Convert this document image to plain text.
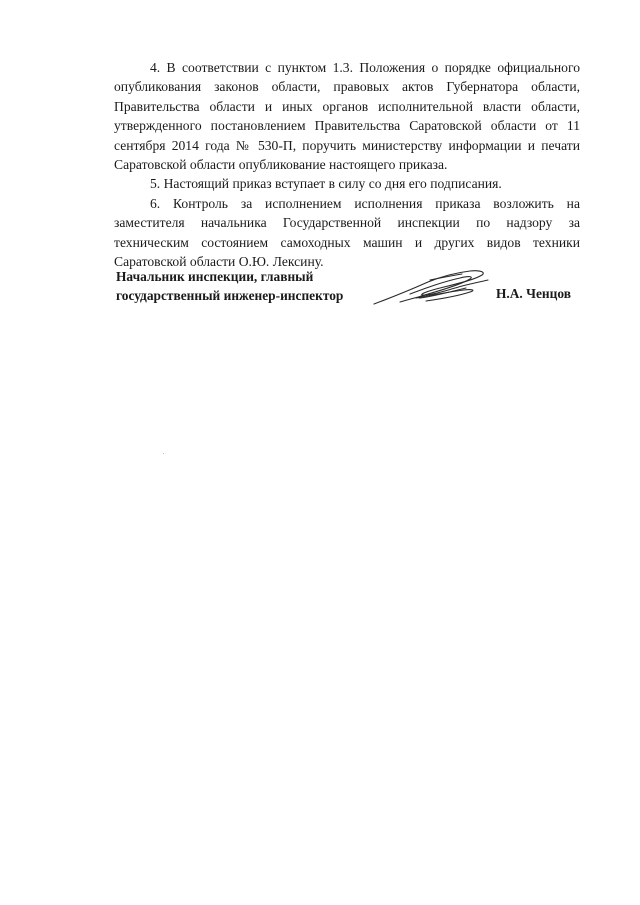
4. В соответствии с пунктом 1.3. Положения о порядке официального опубликования законов области, правовых актов Губернатора области, Правительства области и иных органов исполнительной власти области, утвержденного постановлением Правительства Саратовской области от 11 сентября 2014 года № 530-П, поручить министерству информации и печати Саратовской области опубликование настоящего приказа.

5. Настоящий приказ вступает в силу со дня его подписания.

6. Контроль за исполнением исполнения приказа возложить на заместителя начальника Государственной инспекции по надзору за техническим состоянием самоходных машин и других видов техники Саратовской области О.Ю. Лексину.

Начальник инспекции, главный
государственный инженер-инспектор	Н.А. Ченцов
